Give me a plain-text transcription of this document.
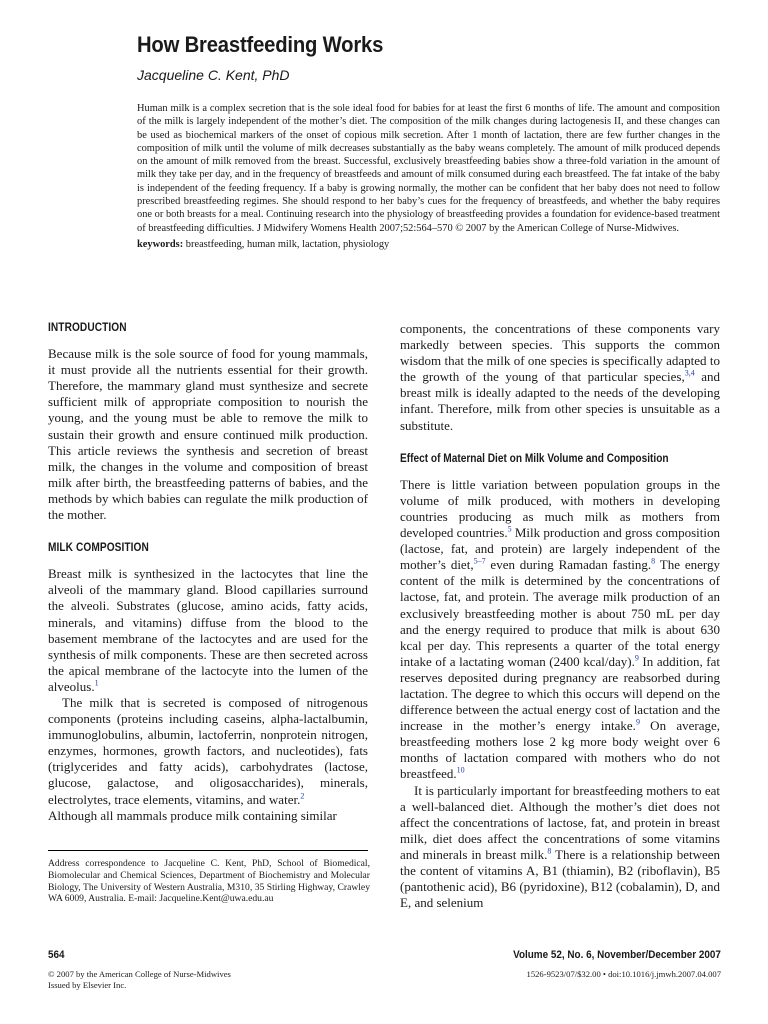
How Breastfeeding Works
Jacqueline C. Kent, PhD

Human milk is a complex secretion that is the sole ideal food for babies for at least the first 6 months of life. The amount and composition of the milk is largely independent of the mother’s diet. The composition of the milk changes during lactogenesis II, and these changes can be used as biochemical markers of the onset of copious milk secretion. After 1 month of lactation, there are few further changes in the composition of milk until the volume of milk decreases substantially as the baby weans completely. The amount of milk produced depends on the amount of milk removed from the breast. Successful, exclusively breastfeeding babies show a three-fold variation in the amount of milk they take per day, and in the frequency of breastfeeds and amount of milk consumed during each breastfeed. The fat intake of the baby is independent of the feeding frequency. If a baby is growing normally, the mother can be confident that her baby does not need to follow prescribed breastfeeding regimes. She should respond to her baby’s cues for the frequency of breastfeeds, and whether the baby requires one or both breasts for a meal. Continuing research into the physiology of breastfeeding provides a foundation for evidence-based treatment of breastfeeding difficulties. J Midwifery Womens Health 2007;52:564–570 © 2007 by the American College of Nurse-Midwives.

keywords: breastfeeding, human milk, lactation, physiology
INTRODUCTION

Because milk is the sole source of food for young mammals, it must provide all the nutrients essential for their growth. Therefore, the mammary gland must synthesize and secrete sufficient milk of appropriate composition to nourish the young, and the young must be able to remove the milk to sustain their growth and ensure continued milk production. This article reviews the synthesis and secretion of breast milk, the changes in the volume and composition of breast milk after birth, the breastfeeding patterns of babies, and the methods by which babies can regulate the milk production of the mother.

MILK COMPOSITION

Breast milk is synthesized in the lactocytes that line the alveoli of the mammary gland. Blood capillaries surround the alveoli. Substrates (glucose, amino acids, fatty acids, minerals, and vitamins) diffuse from the blood to the basement membrane of the lactocytes and are used for the synthesis of milk components. These are then secreted across the apical membrane of the lactocyte into the lumen of the alveolus.$^1$

The milk that is secreted is composed of nitrogenous components (proteins including caseins, alpha-lactalbumin, immunoglobulins, albumin, lactoferrin, nonprotein nitrogen, enzymes, hormones, growth factors, and nucleotides), fats (triglycerides and fatty acids), carbohydrates (lactose, glucose, galactose, and oligosaccharides), minerals, electrolytes, trace elements, vitamins, and water.$^2$
Although all mammals produce milk containing similar

components, the concentrations of these components vary markedly between species. This supports the common wisdom that the milk of one species is specifically adapted to the growth of the young of that particular species,$^{3,4}$ and breast milk is ideally adapted to the needs of the developing infant. Therefore, milk from other species is unsuitable as a substitute.

Effect of Maternal Diet on Milk Volume and Composition

There is little variation between population groups in the volume of milk produced, with mothers in developing countries producing as much milk as mothers from developed countries.$^5$ Milk production and gross composition (lactose, fat, and protein) are largely independent of the mother’s diet,$^{5-7}$ even during Ramadan fasting.$^8$ The energy content of the milk is determined by the concentrations of lactose, fat, and protein. The average milk production of an exclusively breastfeeding mother is about 750 mL per day and the energy required to produce that milk is about 630 kcal per day. This represents a quarter of the total energy intake of a lactating woman (2400 kcal/day).$^9$ In addition, fat reserves deposited during pregnancy are reabsorbed during lactation. The degree to which this occurs will depend on the difference between the actual energy cost of lactation and the increase in the mother’s energy intake.$^9$ On average, breastfeeding mothers lose 2 kg more body weight over 6 months of lactation compared with mothers who do not breastfeed.$^{10}$

It is particularly important for breastfeeding mothers to eat a well-balanced diet. Although the mother’s diet does not affect the concentrations of lactose, fat, and protein in breast milk, diet does affect the concentrations of some vitamins and minerals in breast milk.$^8$ There is a relationship between the content of vitamins A, B1 (thiamin), B2 (riboflavin), B5 (pantothenic acid), B6 (pyridoxine), B12 (cobalamin), D, and E, and selenium

Address correspondence to Jacqueline C. Kent, PhD, School of Biomedical, Biomolecular and Chemical Sciences, Department of Biochemistry and Molecular Biology, The University of Western Australia, M310, 35 Stirling Highway, Crawley WA 6009, Australia. E-mail: Jacqueline.Kent@uwa.edu.au
564	Volume 52, No. 6, November/December 2007
© 2007 by the American College of Nurse-Midwives
Issued by Elsevier Inc.
1526-9523/07/$32.00 • doi:10.1016/j.jmwh.2007.04.007
